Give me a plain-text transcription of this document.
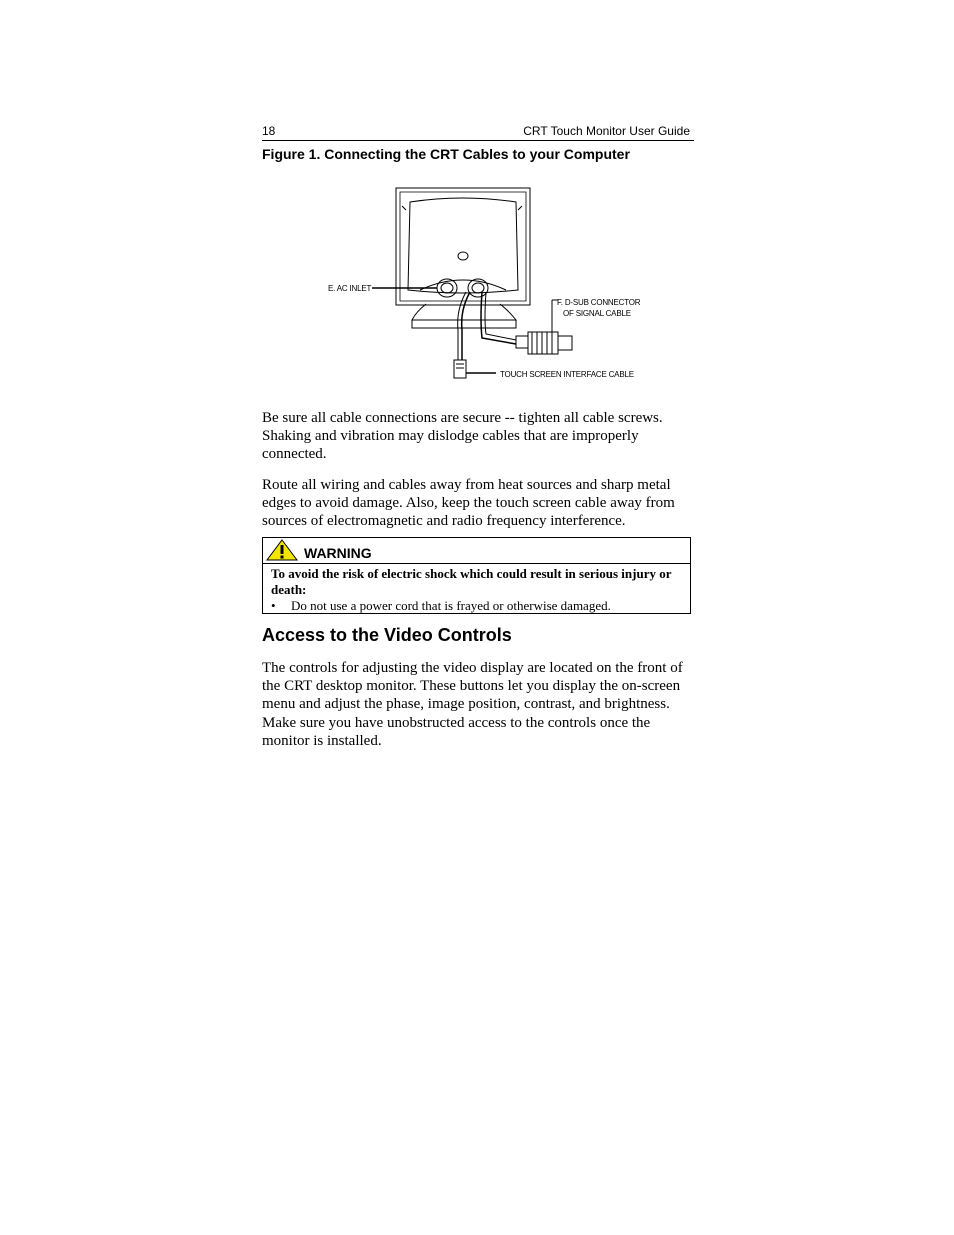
18	CRT Touch Monitor User Guide
Figure 1. Connecting the CRT Cables to your Computer
E. AC INLET
F. D-SUB CONNECTOR
OF SIGNAL CABLE
TOUCH SCREEN INTERFACE CABLE

Be sure all cable connections are secure -- tighten all cable screws. Shaking and vibration may dislodge cables that are improperly connected.

Route all wiring and cables away from heat sources and sharp metal edges to avoid damage. Also, keep the touch screen cable away from sources of electromagnetic and radio frequency interference.

WARNING
To avoid the risk of electric shock which could result in serious injury or death:
• Do not use a power cord that is frayed or otherwise damaged.
Access to the Video Controls

The controls for adjusting the video display are located on the front of the CRT desktop monitor. These buttons let you display the on-screen menu and adjust the phase, image position, contrast, and brightness. Make sure you have unobstructed access to the controls once the monitor is installed.
